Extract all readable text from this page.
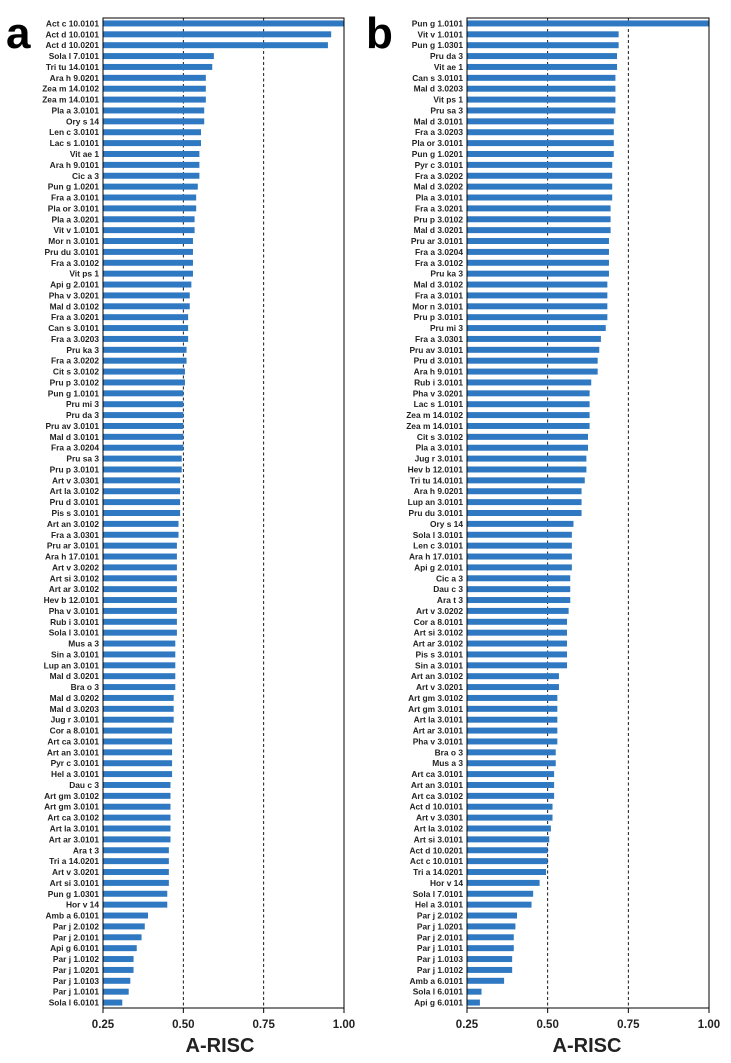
a Act c 10.0101
Act d 10.0101
Act d 10.0201
Sola l 7.0101
Tri tu 14.0101
Ara h 9.0201
Zea m 14.0102
Zea m 14.0101
Pla a 3.0101
Ory s 14
Len c 3.0101
Lac s 1.0101
Vit ae 1
Ara h 9.0101
Cic a 3
Pun g 1.0201
Fra a 3.0101
Pla or 3.0101
Pla a 3.0201
Vit v 1.0101
Mor n 3.0101
Pru du 3.0101
Fra a 3.0102
Vit ps 1
Api g 2.0101
Pha v 3.0201
Mal d 3.0102
Fra a 3.0201
Can s 3.0101
Fra a 3.0203
Pru ka 3
Fra a 3.0202
Cit s 3.0102
Pru p 3.0102
Pun g 1.0101
Pru mi 3
Pru da 3
Pru av 3.0101
Mal d 3.0101
Fra a 3.0204
Pru sa 3
Pru p 3.0101
Art v 3.0301
Art la 3.0102
Pru d 3.0101
Pis s 3.0101
Art an 3.0102
Fra a 3.0301
Pru ar 3.0101
Ara h 17.0101
Art v 3.0202
Art si 3.0102
Art ar 3.0102
Hev b 12.0101
Pha v 3.0101
Rub i 3.0101
Sola l 3.0101
Mus a 3
Sin a 3.0101
Lup an 3.0101
Mal d 3.0201
Bra o 3
Mal d 3.0202
Mal d 3.0203
Jug r 3.0101
Cor a 8.0101
Art ca 3.0101
Art an 3.0101
Pyr c 3.0101
Hel a 3.0101
Dau c 3
Art gm 3.0102
Art gm 3.0101
Art ca 3.0102
Art la 3.0101
Art ar 3.0101
Ara t 3
Tri a 14.0201
Art v 3.0201
Art si 3.0101
Pun g 1.0301
Hor v 14
Amb a 6.0101
Par j 2.0102
Par j 2.0101
Api g 6.0101
Par j 1.0102
Par j 1.0201
Par j 1.0103
Par j 1.0101
Sola l 6.0101
0.25	0.50	0.75	1.00
A-RISC
b Pun g 1.0101
Vit v 1.0101
Pun g 1.0301
Pru da 3
Vit ae 1
Can s 3.0101
Mal d 3.0203
Vit ps 1
Pru sa 3
Mal d 3.0101
Fra a 3.0203
Pla or 3.0101
Pun g 1.0201
Pyr c 3.0101
Fra a 3.0202
Mal d 3.0202
Pla a 3.0101
Fra a 3.0201
Pru p 3.0102
Mal d 3.0201
Pru ar 3.0101
Fra a 3.0204
Fra a 3.0102
Pru ka 3
Mal d 3.0102
Fra a 3.0101
Mor n 3.0101
Pru p 3.0101
Pru mi 3
Fra a 3.0301
Pru av 3.0101
Pru d 3.0101
Ara h 9.0101
Rub i 3.0101
Pha v 3.0201
Lac s 1.0101
Zea m 14.0102
Zea m 14.0101
Cit s 3.0102
Pla a 3.0101
Jug r 3.0101
Hev b 12.0101
Tri tu 14.0101
Ara h 9.0201
Lup an 3.0101
Pru du 3.0101
Ory s 14
Sola l 3.0101
Len c 3.0101
Ara h 17.0101
Api g 2.0101
Cic a 3
Dau c 3
Ara t 3
Art v 3.0202
Cor a 8.0101
Art si 3.0102
Art ar 3.0102
Pis s 3.0101
Sin a 3.0101
Art an 3.0102
Art v 3.0201
Art gm 3.0102
Art gm 3.0101
Art la 3.0101
Art ar 3.0101
Pha v 3.0101
Bra o 3
Mus a 3
Art ca 3.0101
Art an 3.0101
Art ca 3.0102
Act d 10.0101
Art v 3.0301
Art la 3.0102
Art si 3.0101
Act d 10.0201
Act c 10.0101
Tri a 14.0201
Hor v 14
Sola l 7.0101
Hel a 3.0101
Par j 2.0102
Par j 1.0201
Par j 2.0101
Par j 1.0101
Par j 1.0103
Par j 1.0102
Amb a 6.0101
Sola l 6.0101
Api g 6.0101
0.25	0.50	0.75	1.00
A-RISC
